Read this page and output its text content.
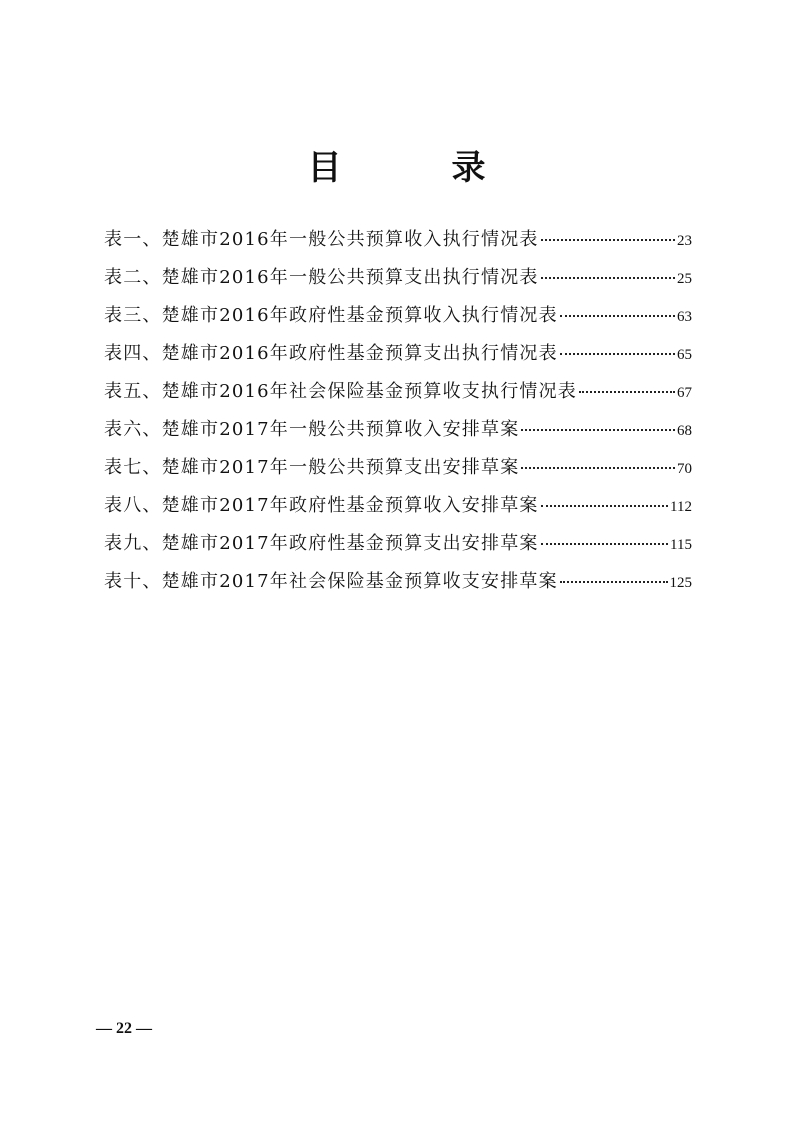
目	录
表一、楚雄市2016年一般公共预算收入执行情况表	23
表二、楚雄市2016年一般公共预算支出执行情况表	25
表三、楚雄市2016年政府性基金预算收入执行情况表	63
表四、楚雄市2016年政府性基金预算支出执行情况表	65
表五、楚雄市2016年社会保险基金预算收支执行情况表	67
表六、楚雄市2017年一般公共预算收入安排草案	68
表七、楚雄市2017年一般公共预算支出安排草案	70
表八、楚雄市2017年政府性基金预算收入安排草案	112
表九、楚雄市2017年政府性基金预算支出安排草案	115
表十、楚雄市2017年社会保险基金预算收支安排草案	125
— 22 —
